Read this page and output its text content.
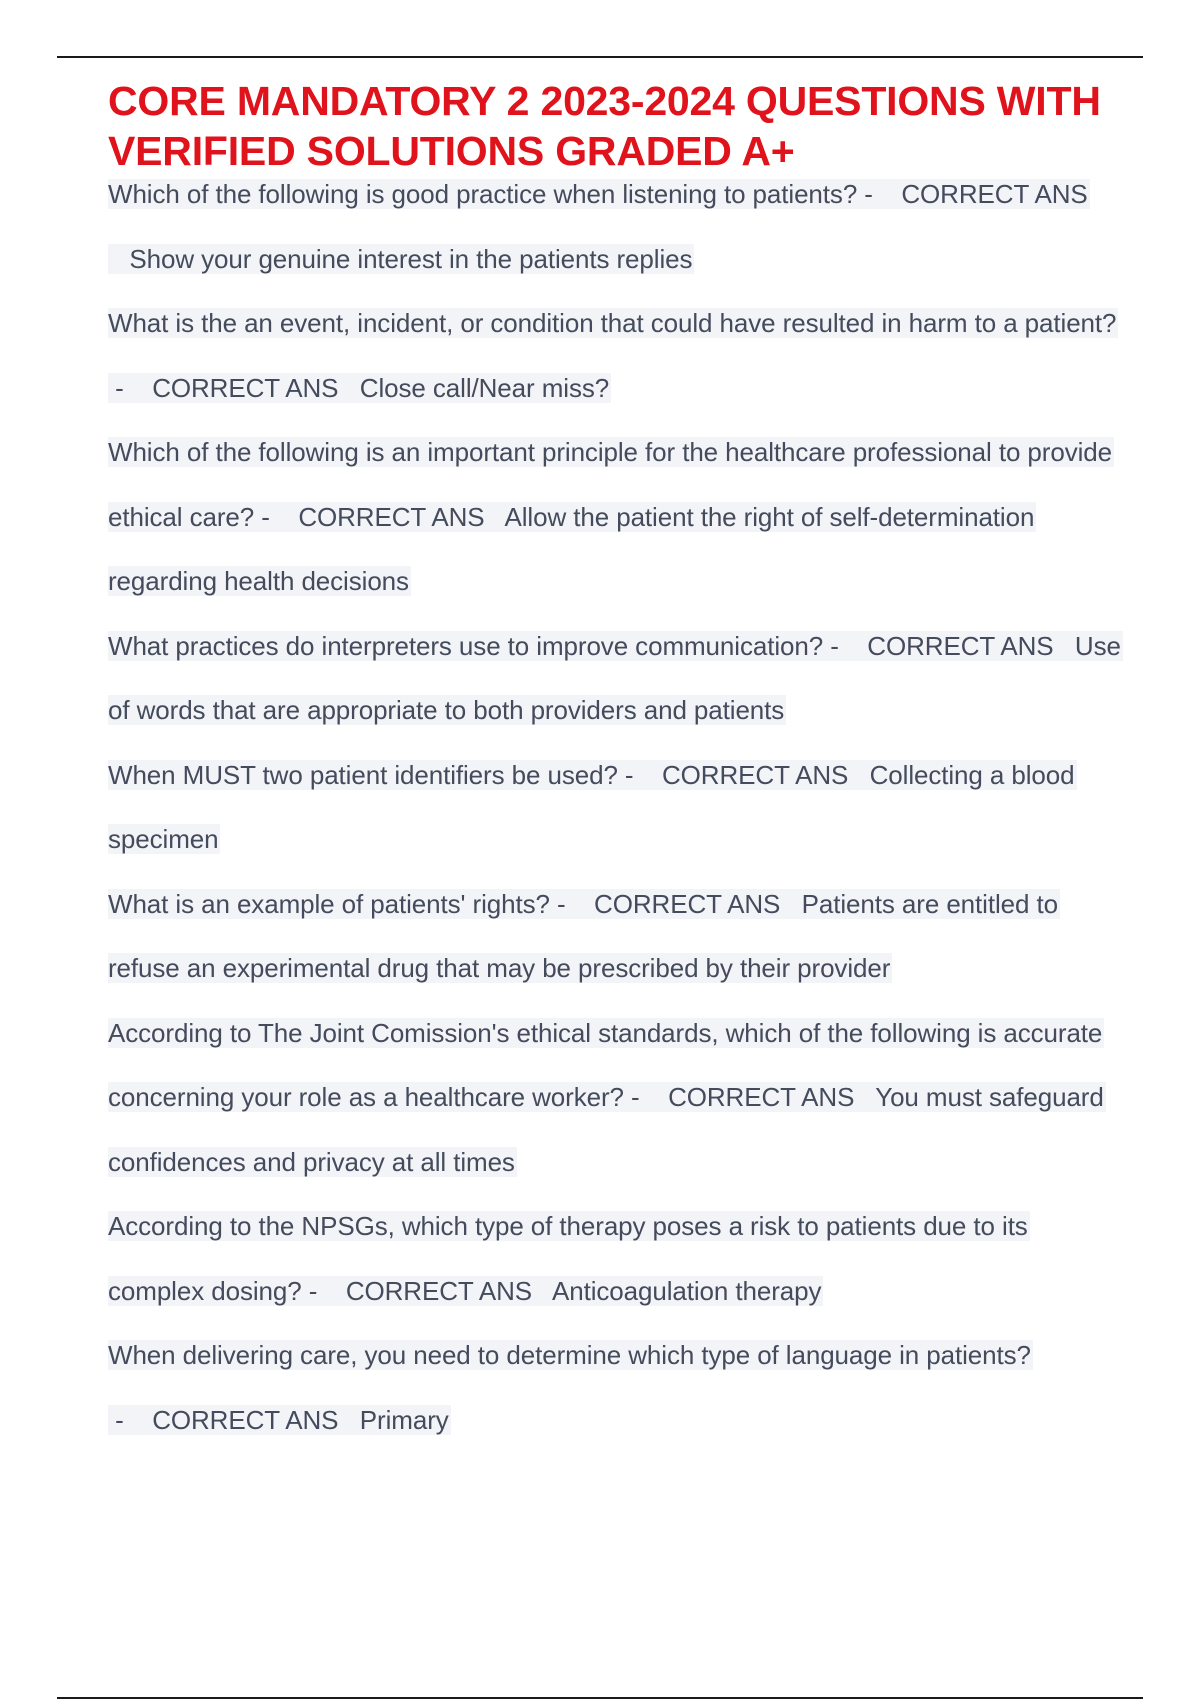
CORE MANDATORY 2 2023-2024 QUESTIONS WITH VERIFIED SOLUTIONS GRADED A+
Which of the following is good practice when listening to patients? -    CORRECT ANS   Show your genuine interest in the patients replies
What is the an event, incident, or condition that could have resulted in harm to a patient? -    CORRECT ANS Close call/Near miss?
Which of the following is an important principle for the healthcare professional to provide ethical care? -    CORRECT ANS Allow the patient the right of self-determination regarding health decisions
What practices do interpreters use to improve communication? -    CORRECT ANS Use of words that are appropriate to both providers and patients
When MUST two patient identifiers be used? -    CORRECT ANS Collecting a blood specimen
What is an example of patients' rights? -    CORRECT ANS Patients are entitled to refuse an experimental drug that may be prescribed by their provider
According to The Joint Comission's ethical standards, which of the following is accurate concerning your role as a healthcare worker? -    CORRECT ANS You must safeguard confidences and privacy at all times
According to the NPSGs, which type of therapy poses a risk to patients due to its complex dosing? -    CORRECT ANS Anticoagulation therapy
When delivering care, you need to determine which type of language in patients? -    CORRECT ANS Primary
